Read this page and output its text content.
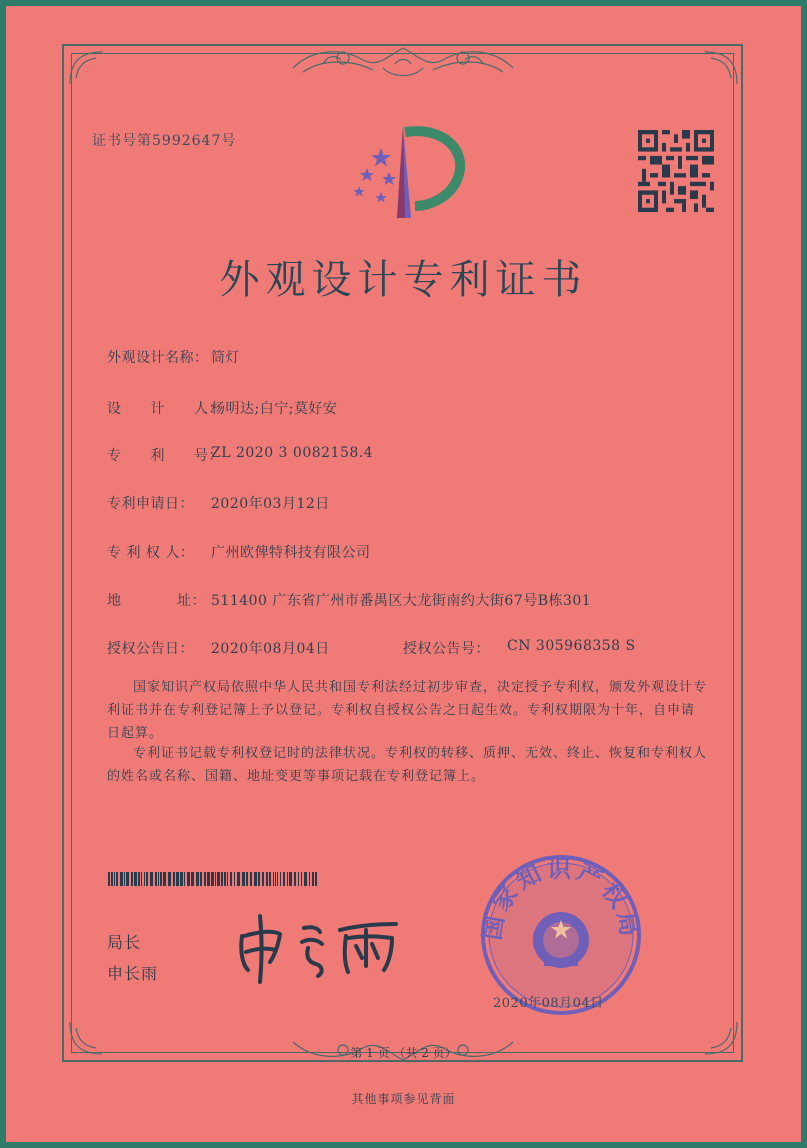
证书号第5992647号
外观设计专利证书
外观设计名称： 筒灯
设　　计　　人：
杨明达;白宁;莫好安
专　　利　　号：
ZL 2020 3 0082158.4
专利申请日： 2020年03月12日
专 利 权 人： 广州欧俾特科技有限公司
地	址： 511400 广东省广州市番禺区大龙街南约大街67号B栋301
授权公告日： 2020年08月04日	授权公告号： CN 305968358 S
国家知识产权局依照中华人民共和国专利法经过初步审查，决定授予专利权，颁发外观设计专利证书并在专利登记簿上予以登记。专利权自授权公告之日起生效。专利权期限为十年，自申请日起算。
专利证书记载专利权登记时的法律状况。专利权的转移、质押、无效、终止、恢复和专利权人的姓名或名称、国籍、地址变更等事项记载在专利登记簿上。
局长
申长雨
国家知识产权局
2020年08月04日
第 1 页 （共 2 页）
其他事项参见背面
